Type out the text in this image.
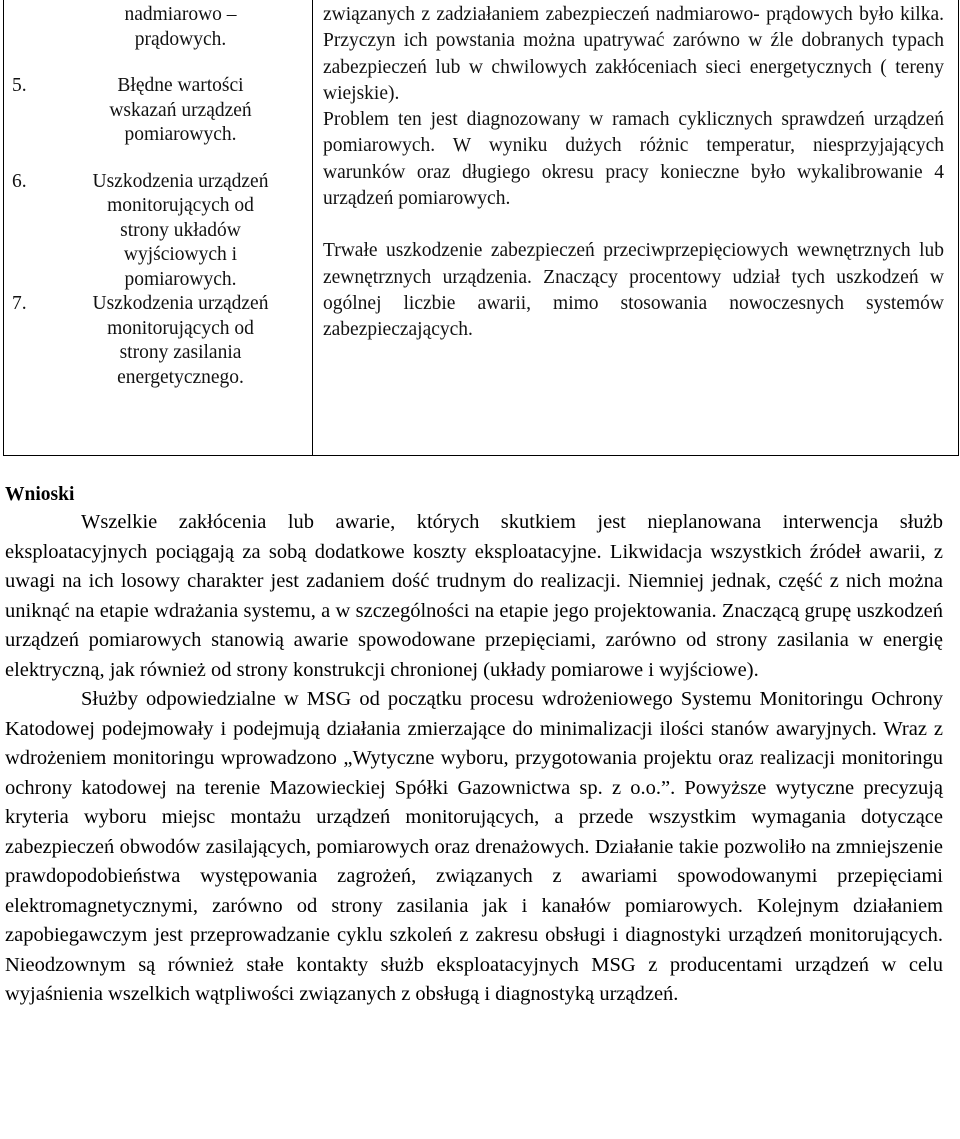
nadmiarowo –
prądowych.
5.	Błędne wartości
wskazań urządzeń
pomiarowych.
6.	Uszkodzenia urządzeń
monitorujących od
strony układów
wyjściowych i
pomiarowych.
7.	Uszkodzenia urządzeń
monitorujących od
strony zasilania
energetycznego.

związanych z zadziałaniem zabezpieczeń nadmiarowo- prądowych było kilka. Przyczyn ich powstania można upatrywać zarówno w źle dobranych typach zabezpieczeń lub w chwilowych zakłóceniach sieci energetycznych ( tereny wiejskie).

Problem ten jest diagnozowany w ramach cyklicznych sprawdzeń urządzeń pomiarowych. W wyniku dużych różnic temperatur, niesprzyjających warunków oraz długiego okresu pracy konieczne było wykalibrowanie 4 urządzeń pomiarowych.

Trwałe uszkodzenie zabezpieczeń przeciwprzepięciowych wewnętrznych lub zewnętrznych urządzenia. Znaczący procentowy udział tych uszkodzeń w ogólnej liczbie awarii, mimo stosowania nowoczesnych systemów zabezpieczających.

Wnioski

Wszelkie zakłócenia lub awarie, których skutkiem jest nieplanowana interwencja służb eksploatacyjnych pociągają za sobą dodatkowe koszty eksploatacyjne. Likwidacja wszystkich źródeł awarii, z uwagi na ich losowy charakter jest zadaniem dość trudnym do realizacji. Niemniej jednak, część z nich można uniknąć na etapie wdrażania systemu, a w szczególności na etapie jego projektowania. Znaczącą grupę uszkodzeń urządzeń pomiarowych stanowią awarie spowodowane przepięciami, zarówno od strony zasilania w energię elektryczną, jak również od strony konstrukcji chronionej (układy pomiarowe i wyjściowe).

Służby odpowiedzialne w MSG od początku procesu wdrożeniowego Systemu Monitoringu Ochrony Katodowej podejmowały i podejmują działania zmierzające do minimalizacji ilości stanów awaryjnych. Wraz z wdrożeniem monitoringu wprowadzono „Wytyczne wyboru, przygotowania projektu oraz realizacji monitoringu ochrony katodowej na terenie Mazowieckiej Spółki Gazownictwa sp. z o.o.”. Powyższe wytyczne precyzują kryteria wyboru miejsc montażu urządzeń monitorujących, a przede wszystkim wymagania dotyczące zabezpieczeń obwodów zasilających, pomiarowych oraz drenażowych. Działanie takie pozwoliło na zmniejszenie prawdopodobieństwa występowania zagrożeń, związanych z awariami spowodowanymi przepięciami elektromagnetycznymi, zarówno od strony zasilania jak i kanałów pomiarowych. Kolejnym działaniem zapobiegawczym jest przeprowadzanie cyklu szkoleń z zakresu obsługi i diagnostyki urządzeń monitorujących. Nieodzownym są również stałe kontakty służb eksploatacyjnych MSG z producentami urządzeń w celu wyjaśnienia wszelkich wątpliwości związanych z obsługą i diagnostyką urządzeń.
